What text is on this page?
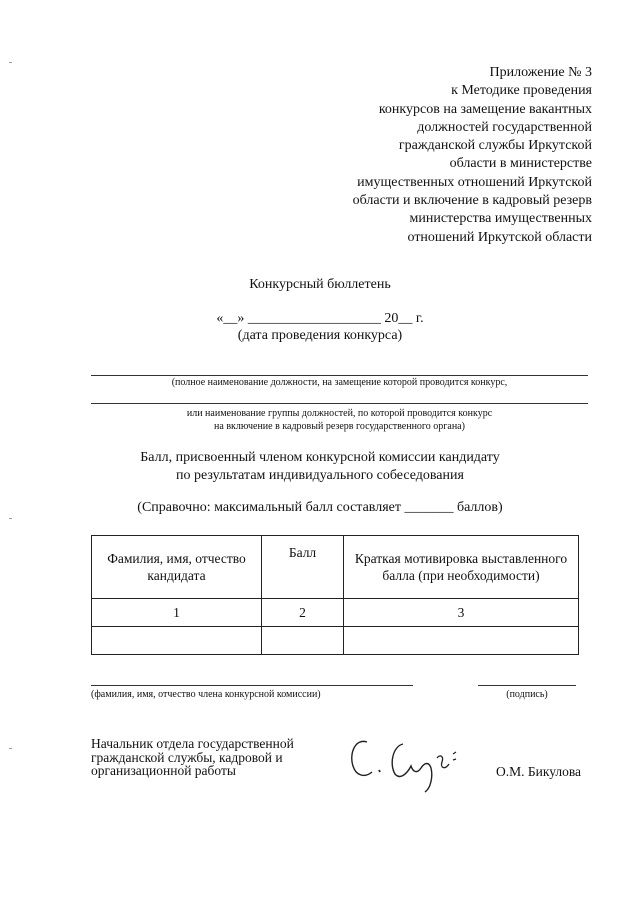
Приложение № 3
к Методике проведения
конкурсов на замещение вакантных
должностей государственной
гражданской службы Иркутской
области в министерстве
имущественных отношений Иркутской
области и включение в кадровый резерв
министерства имущественных
отношений Иркутской области
Конкурсный бюллетень
«__» ___________________ 20__ г.
(дата проведения конкурса)
(полное наименование должности, на замещение которой проводится конкурс,
или наименование группы должностей, по которой проводится конкурс
на включение в кадровый резерв государственного органа)
Балл, присвоенный членом конкурсной комиссии кандидату
по результатам индивидуального собеседования
(Справочно: максимальный балл составляет _______ баллов)
Фамилия, имя, отчество кандидата	Балл	Краткая мотивировка выставленного балла (при необходимости)
1	2	3

(фамилия, имя, отчество члена конкурсной комиссии)	(подпись)
Начальник отдела государственной
гражданской службы, кадровой и
организационной работы	О.М. Бикулова
